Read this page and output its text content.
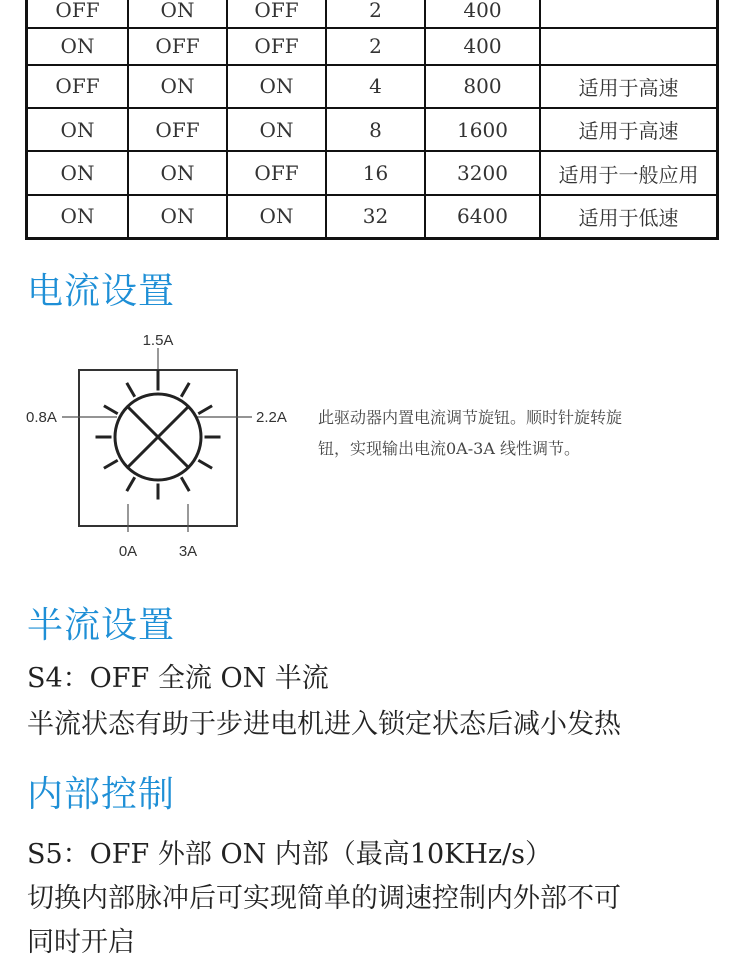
OFF	ON	OFF	2	400	
ON	OFF	OFF	2	400	
OFF	ON	ON	4	800	适用于高速
ON	OFF	ON	8	1600	适用于高速
ON	ON	OFF	16	3200	适用于一般应用
ON	ON	ON	32	6400	适用于低速
电流设置
1.5A
0.8A	2.2A
0A	3A
此驱动器内置电流调节旋钮。顺时针旋转旋
钮，实现输出电流0A-3A 线性调节。
半流设置
S4：OFF 全流 ON 半流
半流状态有助于步进电机进入锁定状态后减小发热
内部控制
S5：OFF 外部 ON 内部（最高10KHz/s）
切换内部脉冲后可实现简单的调速控制内外部不可
同时开启
